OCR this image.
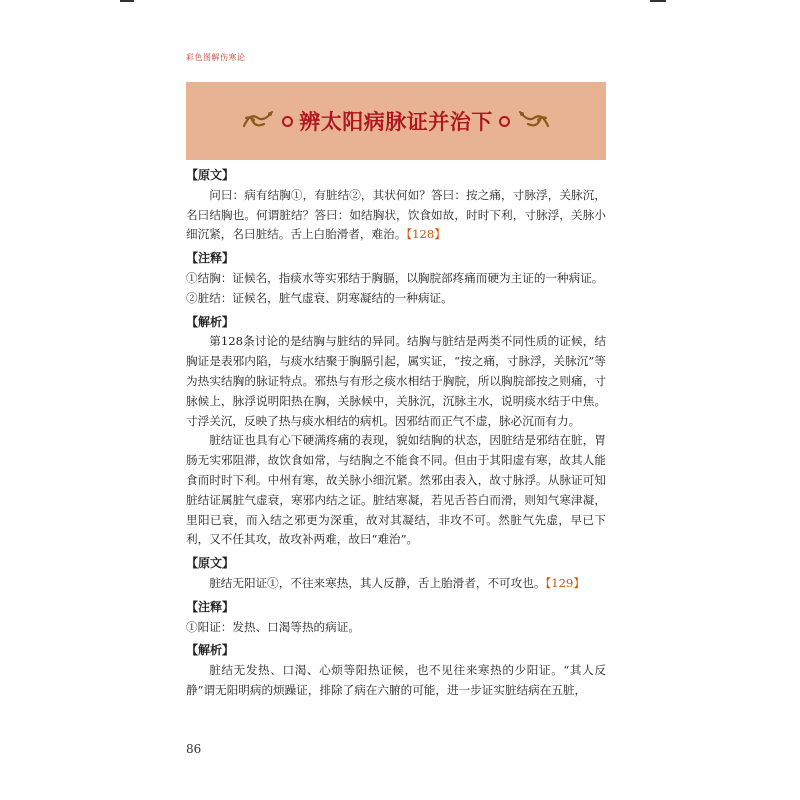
彩色图解伤寒论
辨太阳病脉证并治下
【原文】

问曰：病有结胸①，有脏结②，其状何如？答曰：按之痛，寸脉浮，关脉沉，名曰结胸也。何谓脏结？答曰：如结胸状，饮食如故，时时下利，寸脉浮，关脉小细沉紧，名曰脏结。舌上白胎滑者，难治。【128】

【注释】

①结胸：证候名，指痰水等实邪结于胸膈，以胸脘部疼痛而硬为主证的一种病证。

②脏结：证候名，脏气虚衰、阴寒凝结的一种病证。

【解析】

第128条讨论的是结胸与脏结的异同。结胸与脏结是两类不同性质的证候，结胸证是表邪内陷，与痰水结聚于胸膈引起，属实证，“按之痛，寸脉浮，关脉沉”等为热实结胸的脉证特点。邪热与有形之痰水相结于胸脘，所以胸脘部按之则痛，寸脉候上，脉浮说明阳热在胸，关脉候中，关脉沉，沉脉主水，说明痰水结于中焦。寸浮关沉，反映了热与痰水相结的病机。因邪结而正气不虚，脉必沉而有力。

脏结证也具有心下硬满疼痛的表现，貌如结胸的状态，因脏结是邪结在脏，胃肠无实邪阻滞，故饮食如常，与结胸之不能食不同。但由于其阳虚有寒，故其人能食而时时下利。中州有寒，故关脉小细沉紧。然邪由表入，故寸脉浮。从脉证可知脏结证属脏气虚衰，寒邪内结之证。脏结寒凝，若见舌苔白而滑，则知气寒津凝，里阳已衰，而入结之邪更为深重，故对其凝结，非攻不可。然脏气先虚，早已下利，又不任其攻，故攻补两难，故曰“难治”。

【原文】

脏结无阳证①，不往来寒热，其人反静，舌上胎滑者，不可攻也。【129】

【注释】

①阳证：发热、口渴等热的病证。

【解析】

脏结无发热、口渴、心烦等阳热证候，也不见往来寒热的少阳证。“其人反静”谓无阳明病的烦躁证，排除了病在六腑的可能，进一步证实脏结病在五脏，

86
